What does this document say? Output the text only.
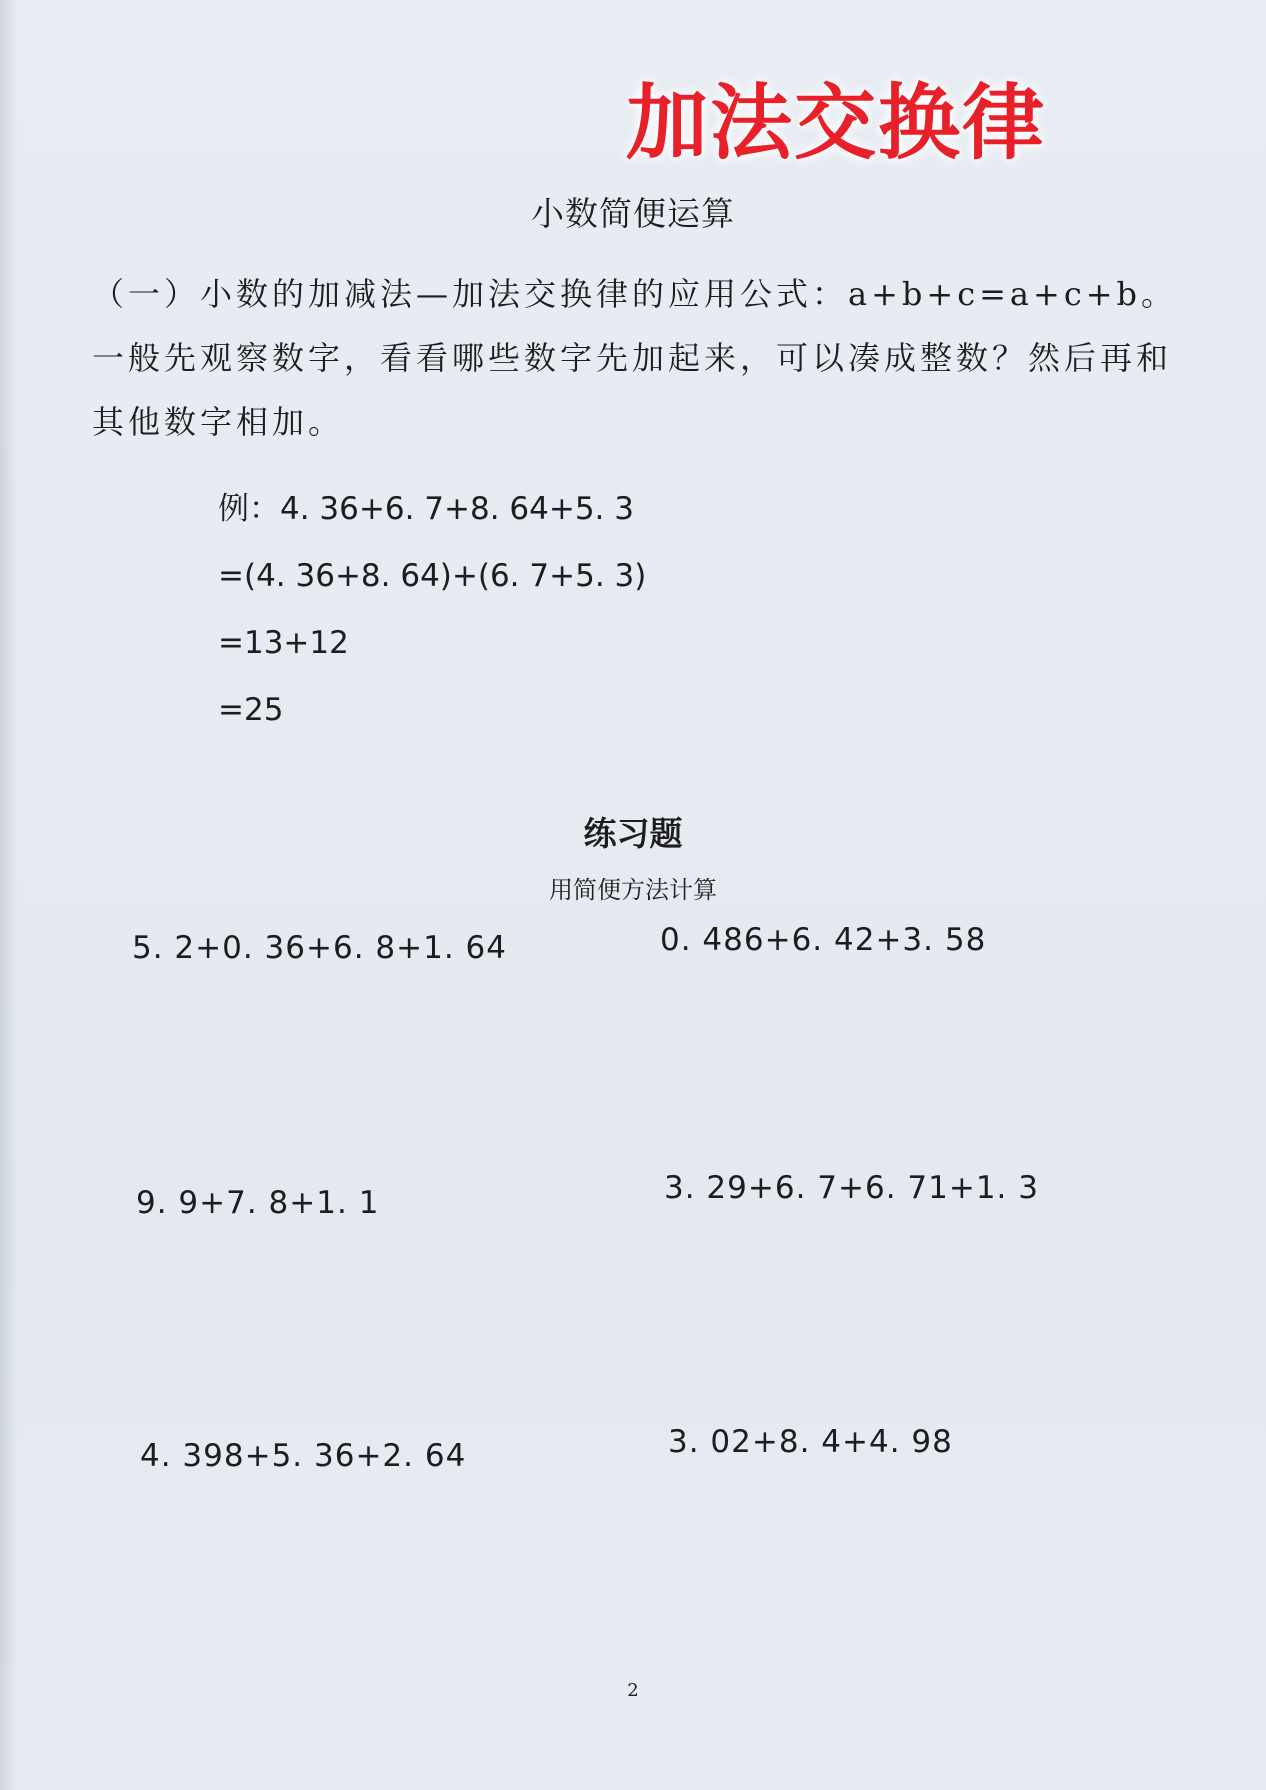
加法交换律
小数简便运算
（一）小数的加减法—加法交换律的应用公式：a+b+c=a+c+b。一般先观察数字，看看哪些数字先加起来，可以凑成整数？然后再和其他数字相加。
例：4. 36+6. 7+8. 64+5. 3
=(4. 36+8. 64)+(6. 7+5. 3)
=13+12
=25
练习题
用简便方法计算
5. 2+0. 36+6. 8+1. 64	0. 486+6. 42+3. 58
9. 9+7. 8+1. 1	3. 29+6. 7+6. 71+1. 3
4. 398+5. 36+2. 64	3. 02+8. 4+4. 98
2
